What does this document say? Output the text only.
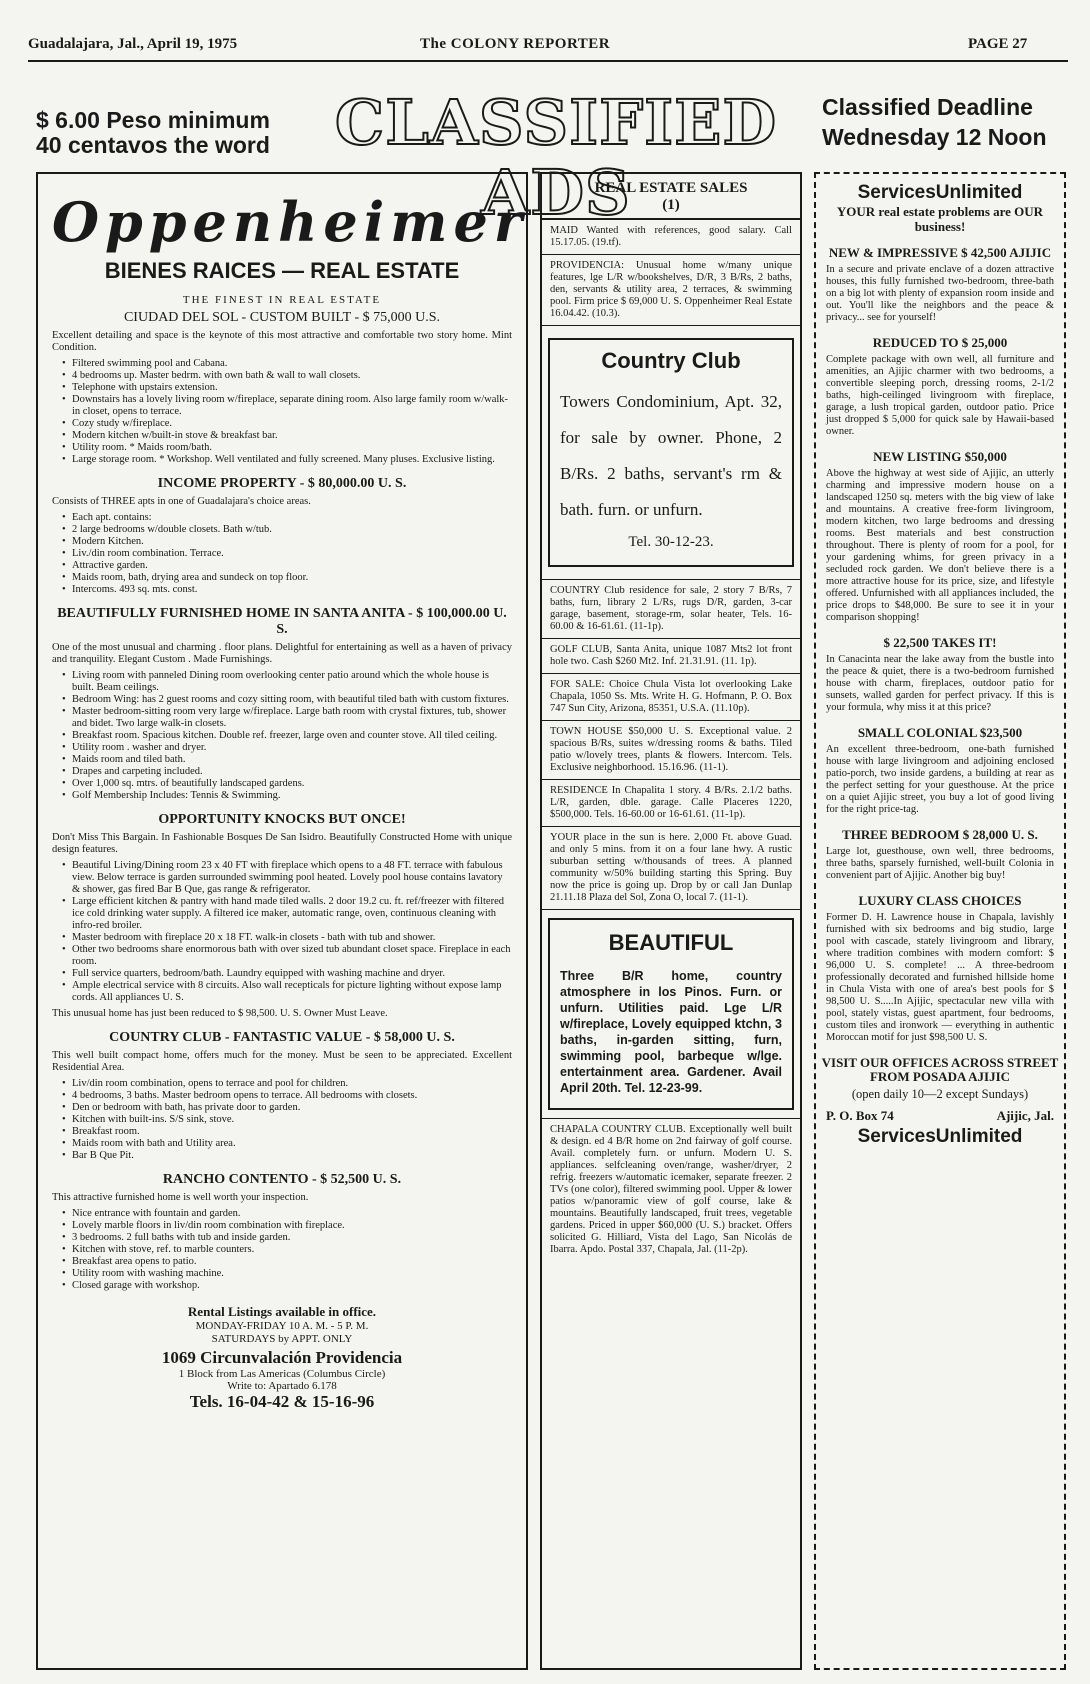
Guadalajara, Jal., April 19, 1975	The COLONY REPORTER	PAGE 27
$ 6.00 Peso minimum
40 centavos the word	CLASSIFIED ADS
Classified Deadline
Wednesday 12 Noon
Oppenheimer
BIENES RAICES — REAL ESTATE
THE FINEST IN REAL ESTATE
CIUDAD DEL SOL - CUSTOM BUILT - $ 75,000 U.S.
Excellent detailing and space is the keynote of this most attractive and comfortable two story home. Mint Condition.
• Filtered swimming pool and Cabana.
• 4 bedrooms up. Master bedrm. with own bath & wall to wall closets.
• Telephone with upstairs extension.
• Downstairs has a lovely living room w/fireplace, separate dining room. Also large family room w/walk-in closet, opens to terrace.
• Cozy study w/fireplace.
• Modern kitchen w/built-in stove & breakfast bar.
• Utility room. * Maids room/bath.
• Large storage room. * Workshop. Well ventilated and fully screened. Many pluses. Exclusive listing.
INCOME PROPERTY - $ 80,000.00 U. S.
Consists of THREE apts in one of Guadalajara's choice areas.
• Each apt. contains:
• 2 large bedrooms w/double closets. Bath w/tub.
• Modern Kitchen.
• Liv./din room combination. Terrace.
• Attractive garden.
• Maids room, bath, drying area and sundeck on top floor.
• Intercoms. 493 sq. mts. const.
BEAUTIFULLY FURNISHED HOME IN SANTA ANITA - $ 100,000.00 U. S.
One of the most unusual and charming . floor plans. Delightful for entertaining as well as a haven of privacy and tranquility. Elegant Custom . Made Furnishings.
• Living room with panneled Dining room overlooking center patio around which the whole house is built. Beam ceilings.
• Bedroom Wing: has 2 guest rooms and cozy sitting room, with beautiful tiled bath with custom fixtures.
• Master bedroom-sitting room very large w/fireplace. Large bath room with crystal fixtures, tub, shower and bidet. Two large walk-in closets.
• Breakfast room. Spacious kitchen. Double ref. freezer, large oven and counter stove. All tiled ceiling.
• Utility room . washer and dryer.
• Maids room and tiled bath.
• Drapes and carpeting included.
• Over 1,000 sq. mtrs. of beautifully landscaped gardens.
• Golf Membership Includes: Tennis & Swimming.
OPPORTUNITY KNOCKS BUT ONCE!
Don't Miss This Bargain. In Fashionable Bosques De San Isidro. Beautifully Constructed Home with unique design features.
• Beautiful Living/Dining room 23 x 40 FT with fireplace which opens to a 48 FT. terrace with fabulous view. Below terrace is garden surrounded swimming pool heated. Lovely pool house contains lavatory & shower, gas fired Bar B Que, gas range & refrigerator.
• Large efficient kitchen & pantry with hand made tiled walls. 2 door 19.2 cu. ft. ref/freezer with filtered ice cold drinking water supply. A filtered ice maker, automatic range, oven, continuous cleaning with infro-red broiler.
• Master bedroom with fireplace 20 x 18 FT. walk-in closets - bath with tub and shower.
• Other two bedrooms share enormorous bath with over sized tub abundant closet space. Fireplace in each room.
• Full service quarters, bedroom/bath. Laundry equipped with washing machine and dryer.
• Ample electrical service with 8 circuits. Also wall recepticals for picture lighting without expose lamp cords. All appliances U. S.
This unusual home has just been reduced to $ 98,500. U. S. Owner Must Leave.
COUNTRY CLUB - FANTASTIC VALUE - $ 58,000 U. S.
This well built compact home, offers much for the money. Must be seen to be appreciated. Excellent Residential Area.
• Liv/din room combination, opens to terrace and pool for children.
• 4 bedrooms, 3 baths. Master bedroom opens to terrace. All bedrooms with closets.
• Den or bedroom with bath, has private door to garden.
• Kitchen with built-ins. S/S sink, stove.
• Breakfast room.
• Maids room with bath and Utility area.
• Bar B Que Pit.
RANCHO CONTENTO - $ 52,500 U. S.
This attractive furnished home is well worth your inspection.
• Nice entrance with fountain and garden.
• Lovely marble floors in liv/din room combination with fireplace.
• 3 bedrooms. 2 full baths with tub and inside garden.
• Kitchen with stove, ref. to marble counters.
• Breakfast area opens to patio.
• Utility room with washing machine.
• Closed garage with workshop.
Rental Listings available in office.
MONDAY-FRIDAY 10 A. M. - 5 P. M.
SATURDAYS by APPT. ONLY
1069 Circunvalación Providencia
1 Block from Las Americas (Columbus Circle)
Write to: Apartado 6.178
Tels. 16-04-42 & 15-16-96
REAL ESTATE SALES
(1)
MAID Wanted with references, good salary. Call 15.17.05. (19.tf).
PROVIDENCIA: Unusual home w/many unique features, lge L/R w/bookshelves, D/R, 3 B/Rs, 2 baths, den, servants & utility area, 2 terraces, & swimming pool. Firm price $ 69,000 U. S. Oppenheimer Real Estate 16.04.42. (10.3).
Country Club
Towers Condominium, Apt. 32, for sale by owner. Phone, 2 B/Rs. 2 baths, servant's rm & bath. furn. or unfurn.
Tel. 30-12-23.
COUNTRY Club residence for sale, 2 story 7 B/Rs, 7 baths, furn, library 2 L/Rs, rugs D/R, garden, 3-car garage, basement, storage-rm, solar heater, Tels. 16-60.00 & 16-61.61. (11-1p).
GOLF CLUB, Santa Anita, unique 1087 Mts2 lot front hole two. Cash $260 Mt2. Inf. 21.31.91. (11. 1p).
FOR SALE: Choice Chula Vista lot overlooking Lake Chapala, 1050 Ss. Mts. Write H. G. Hofmann, P. O. Box 747 Sun City, Arizona, 85351, U.S.A. (11.10p).
TOWN HOUSE $50,000 U. S. Exceptional value. 2 spacious B/Rs, suites w/dressing rooms & baths. Tiled patio w/lovely trees, plants & flowers. Intercom. Tels. Exclusive neighborhood. 15.16.96. (11-1).
RESIDENCE In Chapalita 1 story. 4 B/Rs. 2.1/2 baths. L/R, garden, dble. garage. Calle Placeres 1220, $500,000. Tels. 16-60.00 or 16-61.61. (11-1p).
YOUR place in the sun is here. 2,000 Ft. above Guad. and only 5 mins. from it on a four lane hwy. A rustic suburban setting w/thousands of trees. A planned community w/50% building starting this Spring. Buy now the price is going up. Drop by or call Jan Dunlap 21.11.18 Plaza del Sol, Zona O, local 7. (11-1).
BEAUTIFUL
Three B/R home, country atmosphere in los Pinos. Furn. or unfurn. Utilities paid. Lge L/R w/fireplace, Lovely equipped ktchn, 3 baths, in-garden sitting, furn, swimming pool, barbeque w/lge. entertainment area. Gardener. Avail April 20th. Tel. 12-23-99.
CHAPALA COUNTRY CLUB. Exceptionally well built & design. ed 4 B/R home on 2nd fairway of golf course. Avail. completely furn. or unfurn. Modern U. S. appliances. selfcleaning oven/range, washer/dryer, 2 refrig. freezers w/automatic icemaker, separate freezer. 2 TVs (one color), filtered swimming pool. Upper & lower patios w/panoramic view of golf course, lake & mountains. Beautifully landscaped, fruit trees, vegetable gardens. Priced in upper $60,000 (U. S.) bracket. Offers solicited G. Hilliard, Vista del Lago, San Nicolás de Ibarra. Apdo. Postal 337, Chapala, Jal. (11-2p).
ServicesUnlimited
YOUR real estate problems are OUR business!
NEW & IMPRESSIVE $ 42,500 AJIJIC
In a secure and private enclave of a dozen attractive houses, this fully furnished two-bedroom, three-bath on a big lot with plenty of expansion room inside and out. You'll like the neighbors and the peace & privacy... see for yourself!
REDUCED TO $ 25,000
Complete package with own well, all furniture and amenities, an Ajijic charmer with two bedrooms, a convertible sleeping porch, dressing rooms, 2-1/2 baths, high-ceilinged livingroom with fireplace, garage, a lush tropical garden, outdoor patio. Price just dropped $ 5,000 for quick sale by Hawaii-based owner.
NEW LISTING $50,000
Above the highway at west side of Ajijic, an utterly charming and impressive modern house on a landscaped 1250 sq. meters with the big view of lake and mountains. A creative free-form livingroom, modern kitchen, two large bedrooms and dressing rooms. Best materials and best construction throughout. There is plenty of room for a pool, for your gardening whims, for green privacy in a secluded rock garden. We don't believe there is a more attractive house for its price, size, and lifestyle offered. Unfurnished with all appliances included, the price drops to $48,000. Be sure to see it in your comparison shopping!
$ 22,500 TAKES IT!
In Canacinta near the lake away from the bustle into the peace & quiet, there is a two-bedroom furnished house with charm, fireplaces, outdoor patio for sunsets, walled garden for perfect privacy. If this is your formula, why miss it at this price?
SMALL COLONIAL $23,500
An excellent three-bedroom, one-bath furnished house with large livingroom and adjoining enclosed patio-porch, two inside gardens, a building at rear as the perfect setting for your guesthouse. At the price on a quiet Ajijic street, you buy a lot of good living for the right price-tag.
THREE BEDROOM $ 28,000 U. S.
Large lot, guesthouse, own well, three bedrooms, three baths, sparsely furnished, well-built Colonia in convenient part of Ajijic. Another big buy!
LUXURY CLASS CHOICES
Former D. H. Lawrence house in Chapala, lavishly furnished with six bedrooms and big studio, large pool with cascade, stately livingroom and library, where tradition combines with modern comfort: $ 96,000 U. S. complete! ... A three-bedroom professionally decorated and furnished hillside home in Chula Vista with one of area's best pools for $ 98,500 U. S.....In Ajijic, spectacular new villa with pool, stately vistas, guest apartment, four bedrooms, custom tiles and ironwork — everything in authentic Moroccan motif for just $98,500 U. S.
VISIT OUR OFFICES ACROSS STREET FROM POSADA AJIJIC
(open daily 10—2 except Sundays)
P. O. Box 74	Ajijic, Jal.
ServicesUnlimited
